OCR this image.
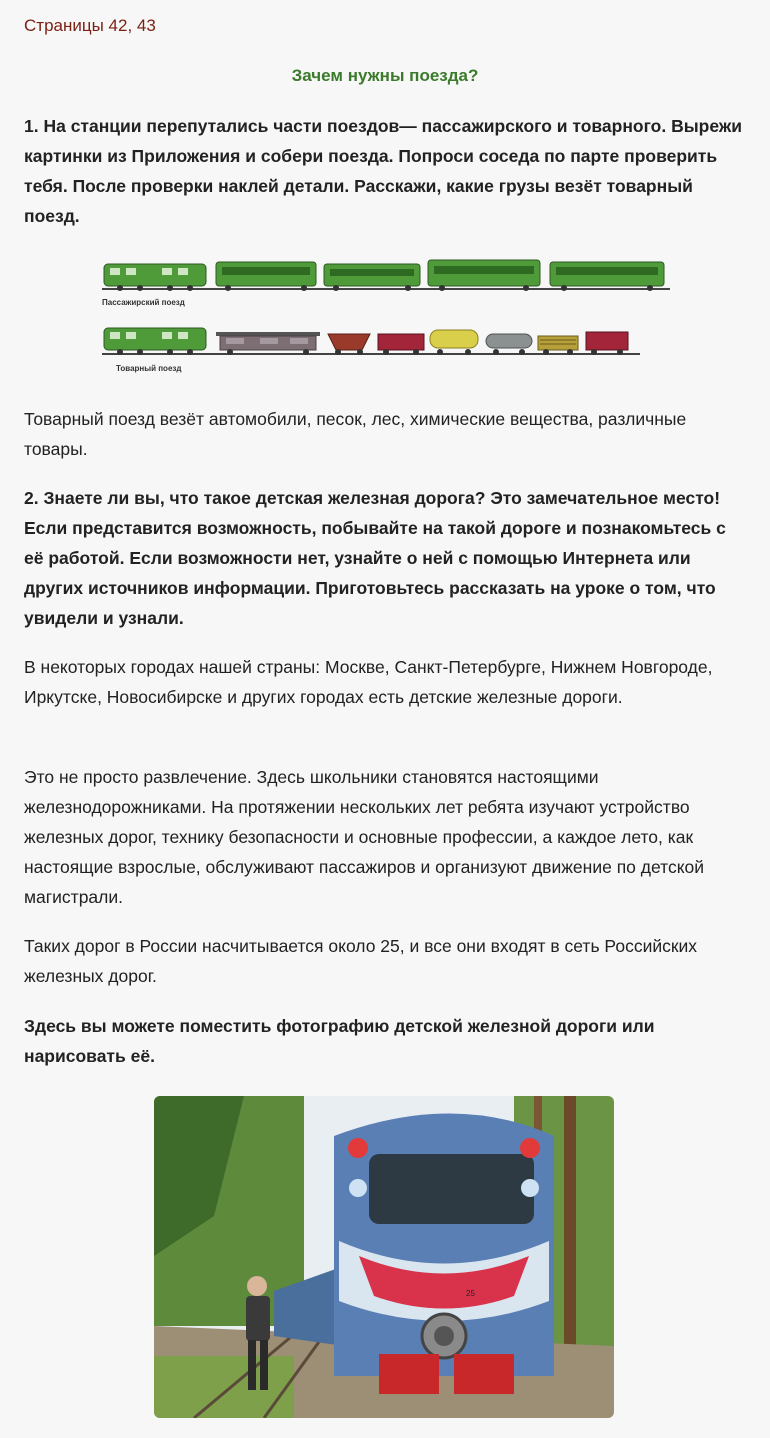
Страницы 42, 43
Зачем нужны поезда?
1. На станции перепутались части поездов— пассажирского и товарного. Вырежи картинки из Приложения и собери поезда. Попроси соседа по парте проверить тебя. После проверки наклей детали. Расскажи, какие грузы везёт товарный поезд.
Пассажирский поезд
Товарный поезд
Товарный поезд везёт автомобили, песок, лес, химические вещества, различные товары.
2. Знаете ли вы, что такое детская железная дорога? Это замечательное место! Если представится возможность, побывайте на такой дороге и познакомьтесь с её работой. Если возможности нет, узнайте о ней с помощью Интернета или других источников информации. Приготовьтесь рассказать на уроке о том, что увидели и узнали.
В некоторых городах нашей страны: Москве, Санкт-Петербурге, Нижнем Новгороде, Иркутске, Новосибирске и других городах есть детские железные дороги.
Это не просто развлечение. Здесь школьники становятся настоящими железнодорожниками. На протяжении нескольких лет ребята изучают устройство железных дорог, технику безопасности и основные профессии, а каждое лето, как настоящие взрослые, обслуживают пассажиров и организуют движение по детской магистрали.
Таких дорог в России насчитывается около 25, и все они входят в сеть Российских железных дорог.
Здесь вы можете поместить фотографию детской железной дороги или нарисовать её.
25
